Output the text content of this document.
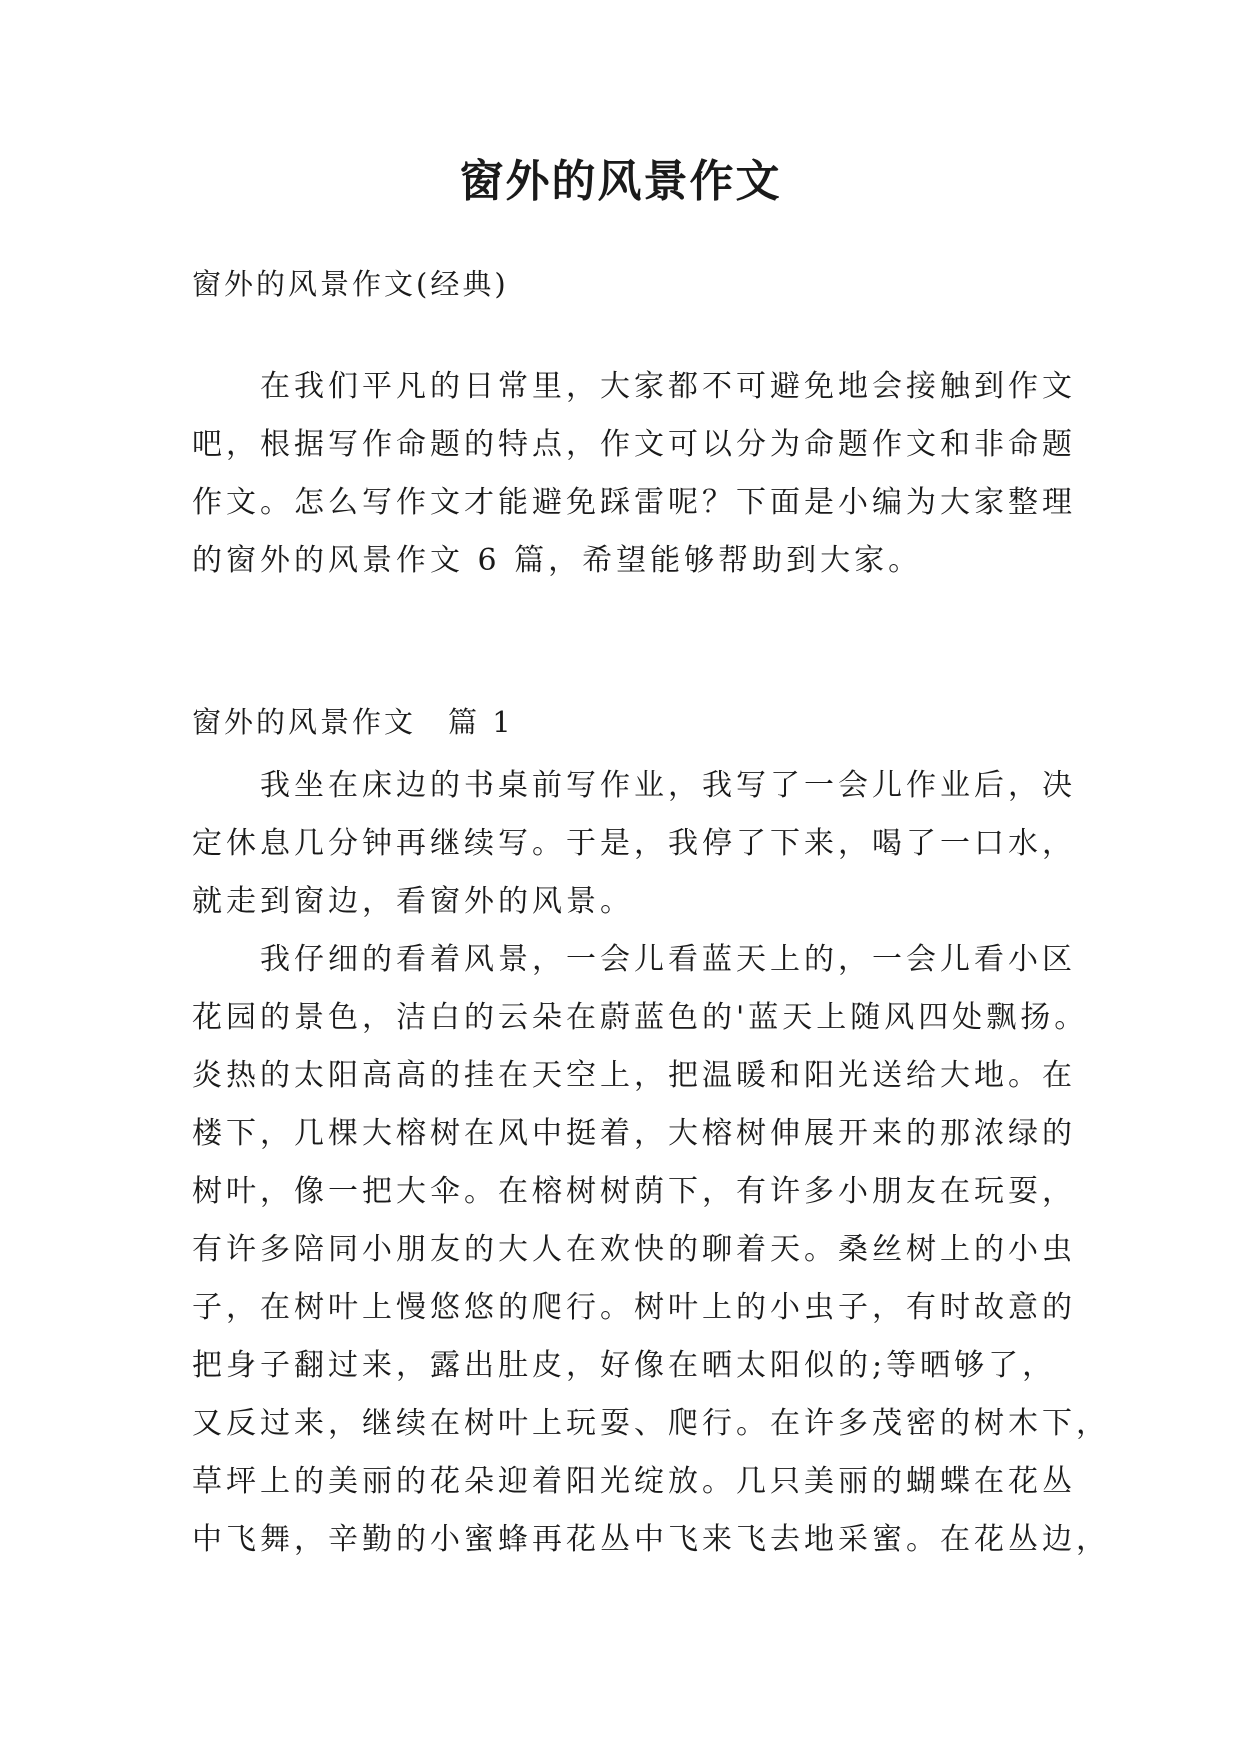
窗外的风景作文
窗外的风景作文(经典)
　　在我们平凡的日常里，大家都不可避免地会接触到作文
吧，根据写作命题的特点，作文可以分为命题作文和非命题
作文。怎么写作文才能避免踩雷呢？下面是小编为大家整理
的窗外的风景作文 6 篇，希望能够帮助到大家。
窗外的风景作文　篇 1
　　我坐在床边的书桌前写作业，我写了一会儿作业后，决
定休息几分钟再继续写。于是，我停了下来，喝了一口水，
就走到窗边，看窗外的风景。
　　我仔细的看着风景，一会儿看蓝天上的，一会儿看小区
花园的景色，洁白的云朵在蔚蓝色的'蓝天上随风四处飘扬。
炎热的太阳高高的挂在天空上，把温暖和阳光送给大地。在
楼下，几棵大榕树在风中挺着，大榕树伸展开来的那浓绿的
树叶，像一把大伞。在榕树树荫下，有许多小朋友在玩耍，
有许多陪同小朋友的大人在欢快的聊着天。桑丝树上的小虫
子，在树叶上慢悠悠的爬行。树叶上的小虫子，有时故意的
把身子翻过来，露出肚皮，好像在晒太阳似的;等晒够了，
又反过来，继续在树叶上玩耍、爬行。在许多茂密的树木下，
草坪上的美丽的花朵迎着阳光绽放。几只美丽的蝴蝶在花丛
中飞舞，辛勤的小蜜蜂再花丛中飞来飞去地采蜜。在花丛边，
